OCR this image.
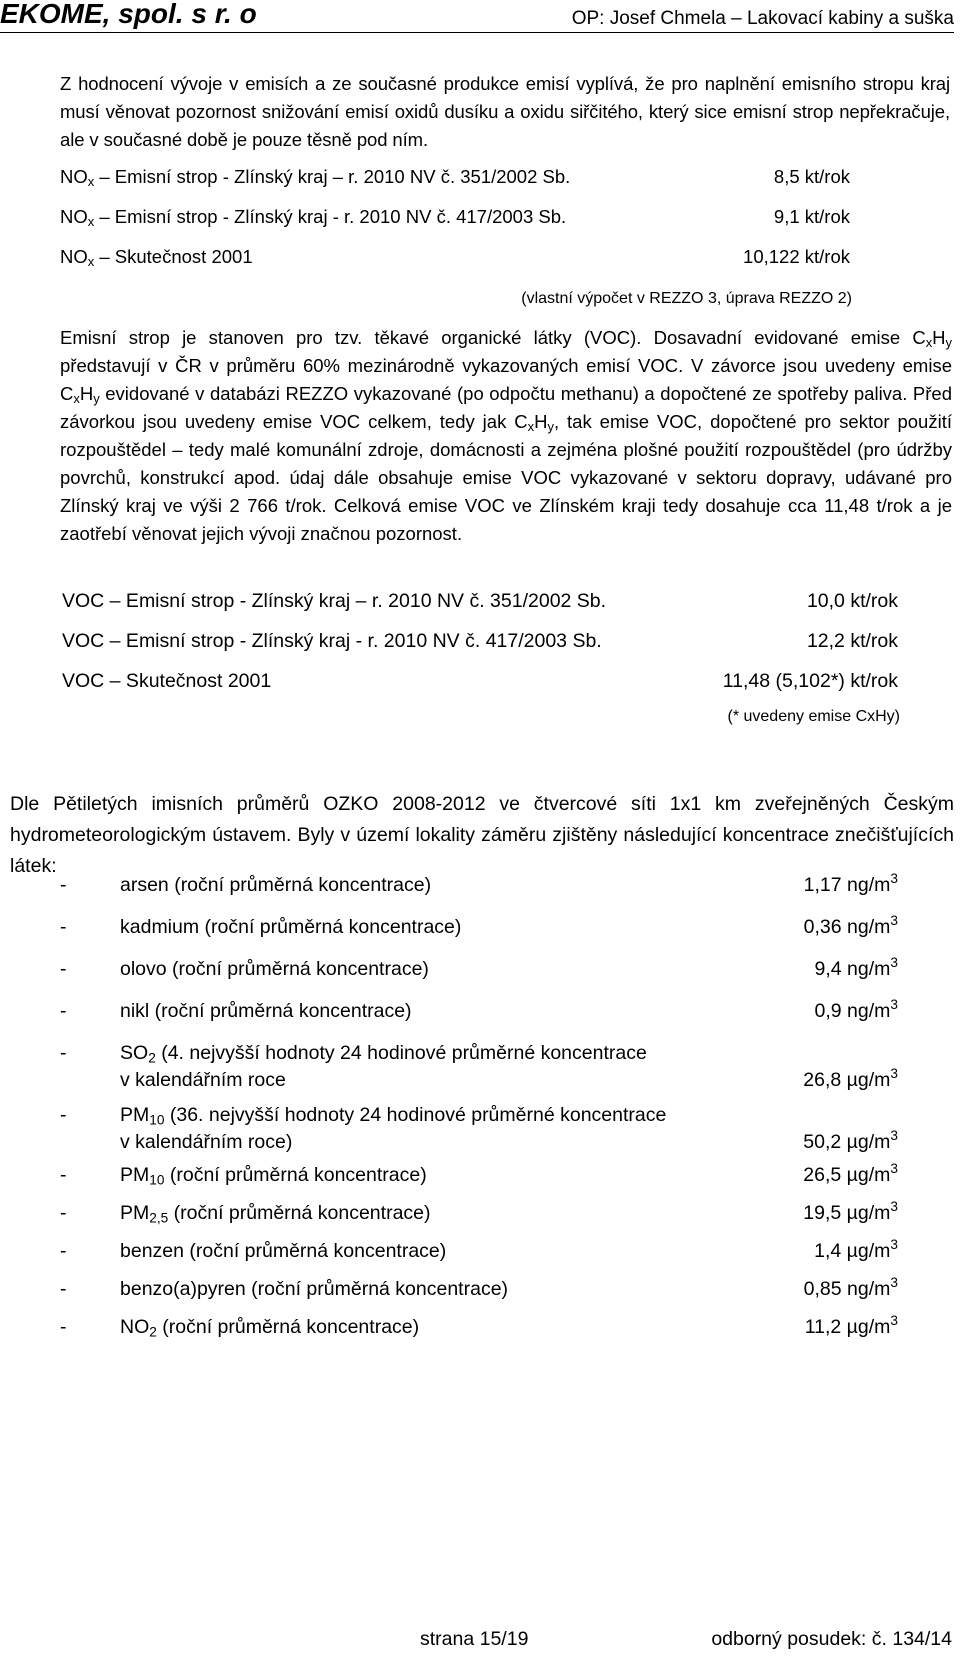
EKOME, spol. s r. o	OP: Josef Chmela – Lakovací kabiny a suška

Z hodnocení vývoje v emisích a ze současné produkce emisí vyplívá, že pro naplnění emisního stropu kraj musí věnovat pozornost snižování emisí oxidů dusíku a oxidu siřčitého, který sice emisní strop nepřekračuje, ale v současné době je pouze těsně pod ním.

$NO_x$ – Emisní strop - Zlínský kraj – r. 2010 NV č. 351/2002 Sb.	8,5 kt/rok
$NO_x$ – Emisní strop - Zlínský kraj - r. 2010 NV č. 417/2003 Sb.	9,1 kt/rok
$NO_x$ – Skutečnost 2001	10,122 kt/rok
(vlastní výpočet v REZZO 3, úprava REZZO 2)

Emisní strop je stanoven pro tzv. těkavé organické látky (VOC). Dosavadní evidované emise $C_xH_y$ představují v ČR v průměru 60% mezinárodně vykazovaných emisí VOC. V závorce jsou uvedeny emise $C_xH_y$ evidované v databázi REZZO vykazované (po odpočtu methanu) a dopočtené ze spotřeby paliva. Před závorkou jsou uvedeny emise VOC celkem, tedy jak $C_xH_y$, tak emise VOC, dopočtené pro sektor použití rozpouštědel – tedy malé komunální zdroje, domácnosti a zejména plošné použití rozpouštědel (pro údržby povrchů, konstrukcí apod. údaj dále obsahuje emise VOC vykazované v sektoru dopravy, udávané pro Zlínský kraj ve výši 2 766 t/rok. Celková emise VOC ve Zlínském kraji tedy dosahuje cca 11,48 t/rok a je zaotřebí věnovat jejich vývoji značnou pozornost.

VOC – Emisní strop - Zlínský kraj – r. 2010 NV č. 351/2002 Sb.	10,0 kt/rok
VOC – Emisní strop - Zlínský kraj - r. 2010 NV č. 417/2003 Sb.	12,2 kt/rok
VOC – Skutečnost 2001	11,48 (5,102*) kt/rok
(* uvedeny emise CxHy)

Dle Pětiletých imisních průměrů OZKO 2008-2012 ve čtvercové síti 1x1 km zveřejněných Českým hydrometeorologickým ústavem. Byly v území lokality záměru zjištěny následující koncentrace znečišťujících látek:

-	arsen (roční průměrná koncentrace)	1,17 $ng/m^3$
-	kadmium (roční průměrná koncentrace)	0,36 $ng/m^3$
-	olovo (roční průměrná koncentrace)	9,4 $ng/m^3$
-	nikl (roční průměrná koncentrace)	0,9 $ng/m^3$
-	$SO_2$ (4. nejvyšší hodnoty 24 hodinové průměrné koncentrace
v kalendářním roce	26,8 $\mu g/m^3$
-	$PM_{10}$ (36. nejvyšší hodnoty 24 hodinové průměrné koncentrace
v kalendářním roce)	50,2 $\mu g/m^3$
-	$PM_{10}$ (roční průměrná koncentrace)	26,5 $\mu g/m^3$
-	$PM_{2,5}$ (roční průměrná koncentrace)	19,5 $\mu g/m^3$
-	benzen (roční průměrná koncentrace)	1,4 $\mu g/m^3$
-	benzo(a)pyren (roční průměrná koncentrace)	0,85 $ng/m^3$
-	$NO_2$ (roční průměrná koncentrace)	11,2 $\mu g/m^3$
strana 15/19	odborný posudek: č. 134/14
